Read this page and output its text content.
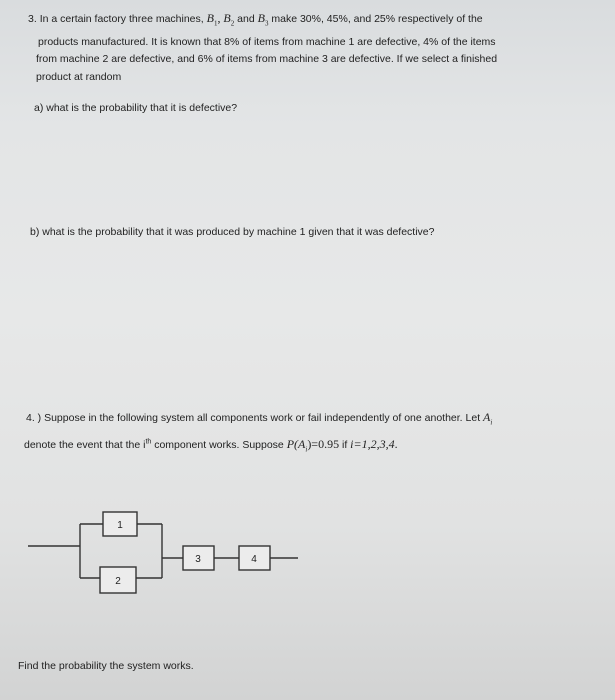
3. In a certain factory three machines, $B_1$, $B_2$ and $B_3$ make 30%, 45%, and 25% respectively of the
products manufactured. It is known that 8% of items from machine 1 are defective, 4% of the items
from machine 2 are defective, and 6% of items from machine 3 are defective. If we select a finished
product at random
a) what is the probability that it is defective?
b) what is the probability that it was produced by machine 1 given that it was defective?
4. ) Suppose in the following system all components work or fail independently of one another. Let $A_i$
denote the event that the $i^{th}$ component works. Suppose $P(A_i)=0.95$ if i=1,2,3,4.
1
2
3	4
Find the probability the system works.
